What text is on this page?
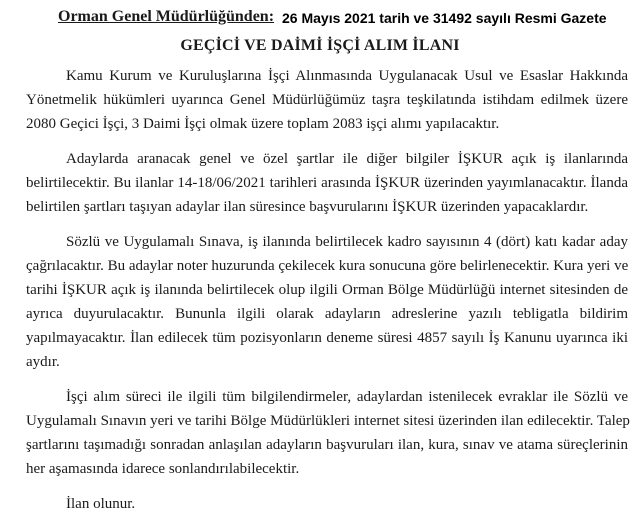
Orman Genel Müdürlüğünden: 26 Mayıs 2021 tarih ve 31492 sayılı Resmi Gazete
GEÇİCİ VE DAİMİ İŞÇİ ALIM İLANI
Kamu Kurum ve Kuruluşlarına İşçi Alınmasında Uygulanacak Usul ve Esaslar Hakkında
Yönetmelik hükümleri uyarınca Genel Müdürlüğümüz taşra teşkilatında istihdam edilmek üzere
2080 Geçici İşçi, 3 Daimi İşçi olmak üzere toplam 2083 işçi alımı yapılacaktır.
Adaylarda aranacak genel ve özel şartlar ile diğer bilgiler İŞKUR açık iş ilanlarında
belirtilecektir. Bu ilanlar 14-18/06/2021 tarihleri arasında İŞKUR üzerinden yayımlanacaktır. İlanda
belirtilen şartları taşıyan adaylar ilan süresince başvurularını İŞKUR üzerinden yapacaklardır.
Sözlü ve Uygulamalı Sınava, iş ilanında belirtilecek kadro sayısının 4 (dört) katı kadar aday
çağrılacaktır. Bu adaylar noter huzurunda çekilecek kura sonucuna göre belirlenecektir. Kura yeri ve
tarihi İŞKUR açık iş ilanında belirtilecek olup ilgili Orman Bölge Müdürlüğü internet sitesinden de
ayrıca duyurulacaktır. Bununla ilgili olarak adayların adreslerine yazılı tebligatla bildirim
yapılmayacaktır. İlan edilecek tüm pozisyonların deneme süresi 4857 sayılı İş Kanunu uyarınca iki
aydır.
İşçi alım süreci ile ilgili tüm bilgilendirmeler, adaylardan istenilecek evraklar ile Sözlü ve
Uygulamalı Sınavın yeri ve tarihi Bölge Müdürlükleri internet sitesi üzerinden ilan edilecektir. Talep
şartlarını taşımadığı sonradan anlaşılan adayların başvuruları ilan, kura, sınav ve atama süreçlerinin
her aşamasında idarece sonlandırılabilecektir.
İlan olunur.
